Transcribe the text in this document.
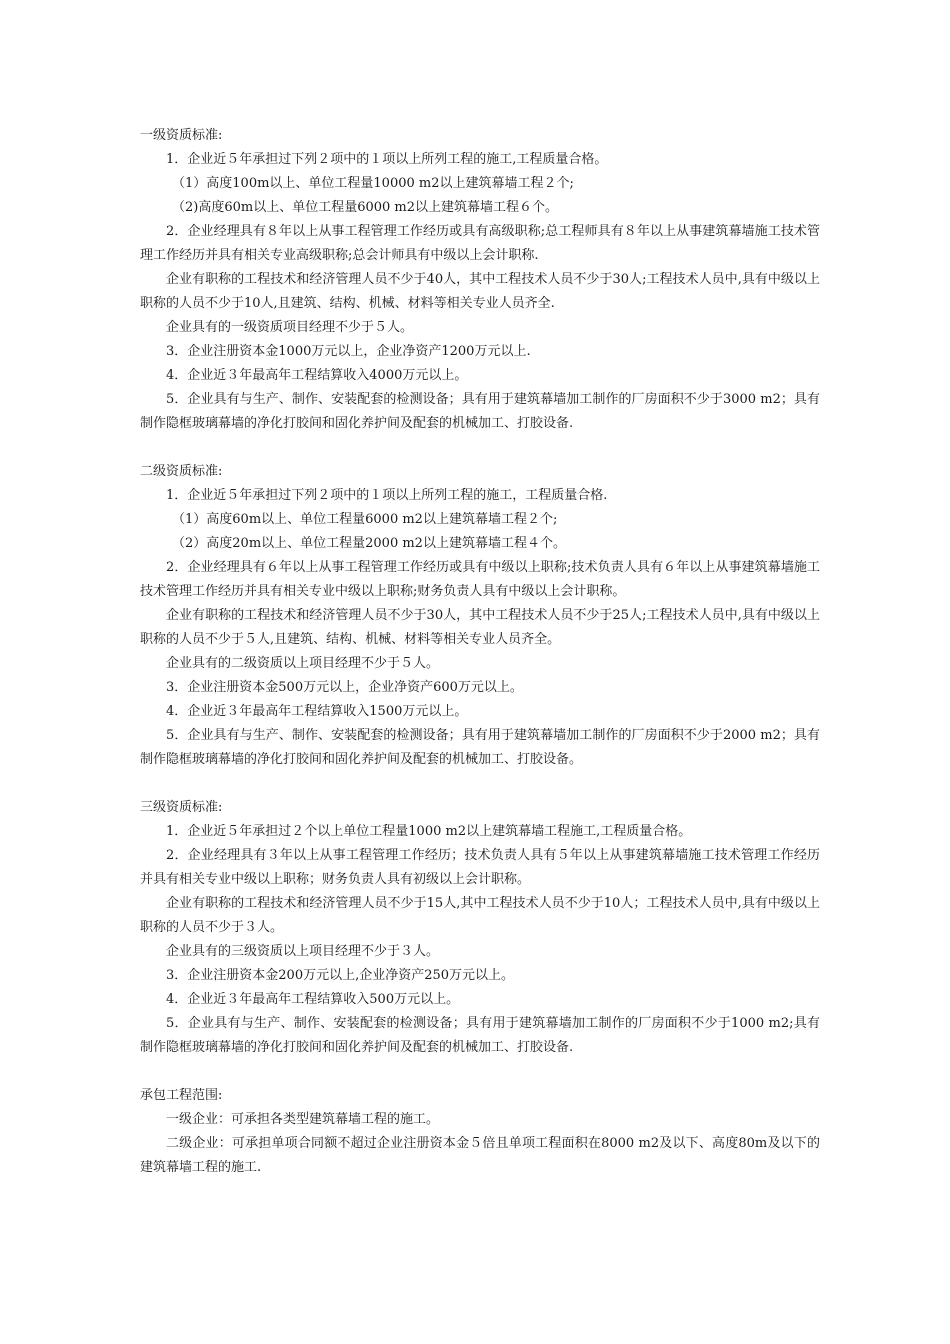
一级资质标准:

1．企业近５年承担过下列２项中的１项以上所列工程的施工,工程质量合格。

（1）高度100m以上、单位工程量10000 m2以上建筑幕墙工程２个;

（2)高度60m以上、单位工程量6000 m2以上建筑幕墙工程６个。

2．企业经理具有８年以上从事工程管理工作经历或具有高级职称;总工程师具有８年以上从事建筑幕墙施工技术管理工作经历并具有相关专业高级职称;总会计师具有中级以上会计职称.

企业有职称的工程技术和经济管理人员不少于40人，其中工程技术人员不少于30人;工程技术人员中,具有中级以上职称的人员不少于10人,且建筑、结构、机械、材料等相关专业人员齐全.

企业具有的一级资质项目经理不少于５人。

3．企业注册资本金1000万元以上，企业净资产1200万元以上.

4．企业近３年最高年工程结算收入4000万元以上。

5．企业具有与生产、制作、安装配套的检测设备；具有用于建筑幕墙加工制作的厂房面积不少于3000 m2；具有制作隐框玻璃幕墙的净化打胶间和固化养护间及配套的机械加工、打胶设备.

二级资质标准:

1．企业近５年承担过下列２项中的１项以上所列工程的施工，工程质量合格.

（1）高度60m以上、单位工程量6000 m2以上建筑幕墙工程２个;

（2）高度20m以上、单位工程量2000 m2以上建筑幕墙工程４个。

2．企业经理具有６年以上从事工程管理工作经历或具有中级以上职称;技术负责人具有６年以上从事建筑幕墙施工技术管理工作经历并具有相关专业中级以上职称;财务负责人具有中级以上会计职称。

企业有职称的工程技术和经济管理人员不少于30人，其中工程技术人员不少于25人;工程技术人员中,具有中级以上职称的人员不少于５人,且建筑、结构、机械、材料等相关专业人员齐全。

企业具有的二级资质以上项目经理不少于５人。

3．企业注册资本金500万元以上，企业净资产600万元以上。

4．企业近３年最高年工程结算收入1500万元以上。

5．企业具有与生产、制作、安装配套的检测设备；具有用于建筑幕墙加工制作的厂房面积不少于2000 m2；具有制作隐框玻璃幕墙的净化打胶间和固化养护间及配套的机械加工、打胶设备。

三级资质标准:

1．企业近５年承担过２个以上单位工程量1000 m2以上建筑幕墙工程施工,工程质量合格。

2．企业经理具有３年以上从事工程管理工作经历；技术负责人具有５年以上从事建筑幕墙施工技术管理工作经历并具有相关专业中级以上职称；财务负责人具有初级以上会计职称。

企业有职称的工程技术和经济管理人员不少于15人,其中工程技术人员不少于10人；工程技术人员中,具有中级以上职称的人员不少于３人。

企业具有的三级资质以上项目经理不少于３人。

3．企业注册资本金200万元以上,企业净资产250万元以上。

4．企业近３年最高年工程结算收入500万元以上。

5．企业具有与生产、制作、安装配套的检测设备；具有用于建筑幕墙加工制作的厂房面积不少于1000 m2;具有制作隐框玻璃幕墙的净化打胶间和固化养护间及配套的机械加工、打胶设备.

承包工程范围:

一级企业：可承担各类型建筑幕墙工程的施工。

二级企业：可承担单项合同额不超过企业注册资本金５倍且单项工程面积在8000 m2及以下、高度80m及以下的建筑幕墙工程的施工.
